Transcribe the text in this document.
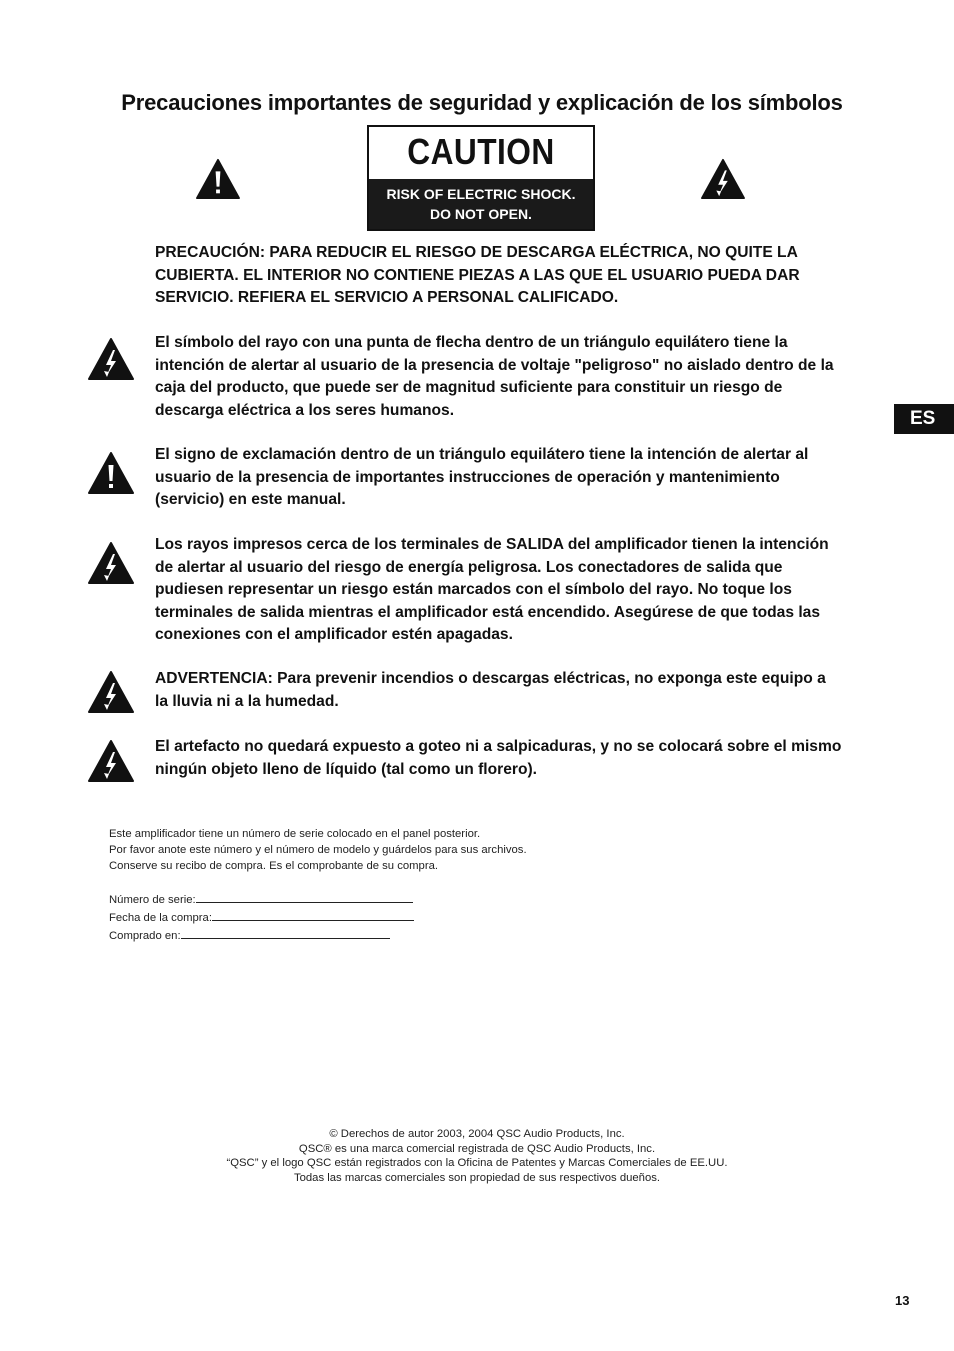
Precauciones importantes de seguridad y explicación de los símbolos
CAUTION
RISK OF ELECTRIC SHOCK.
DO NOT OPEN.
PRECAUCIÓN: PARA REDUCIR EL RIESGO DE DESCARGA ELÉCTRICA, NO QUITE LA
CUBIERTA. EL INTERIOR NO CONTIENE PIEZAS A LAS QUE EL USUARIO PUEDA DAR
SERVICIO. REFIERA EL SERVICIO A PERSONAL CALIFICADO.
El símbolo del rayo con una punta de flecha dentro de un triángulo equilátero tiene la
intención de alertar al usuario de la presencia de voltaje "peligroso" no aislado dentro de la
caja del producto, que puede ser de magnitud suficiente para constituir un riesgo de
descarga eléctrica a los seres humanos.
El signo de exclamación dentro de un triángulo equilátero tiene la intención de alertar al
usuario de la presencia de importantes instrucciones de operación y mantenimiento
(servicio) en este manual.
Los rayos impresos cerca de los terminales de SALIDA del amplificador tienen la intención
de alertar al usuario del riesgo de energía peligrosa. Los conectadores de salida que
pudiesen representar un riesgo están marcados con el símbolo del rayo. No toque los
terminales de salida mientras el amplificador está encendido. Asegúrese de que todas las
conexiones con el amplificador estén apagadas.
ADVERTENCIA: Para prevenir incendios o descargas eléctricas, no exponga este equipo a
la lluvia ni a la humedad.
El artefacto no quedará expuesto a goteo ni a salpicaduras, y no se colocará sobre el mismo
ningún objeto lleno de líquido (tal como un florero).
Este amplificador tiene un número de serie colocado en el panel posterior.
Por favor anote este número y el número de modelo y guárdelos para sus archivos.
Conserve su recibo de compra. Es el comprobante de su compra.
Número de serie:
Fecha de la compra:
Comprado en:
© Derechos de autor 2003, 2004 QSC Audio Products, Inc.
QSC® es una marca comercial registrada de QSC Audio Products, Inc.
“QSC” y el logo QSC están registrados con la Oficina de Patentes y Marcas Comerciales de EE.UU.
Todas las marcas comerciales son propiedad de sus respectivos dueños.
ES
13
